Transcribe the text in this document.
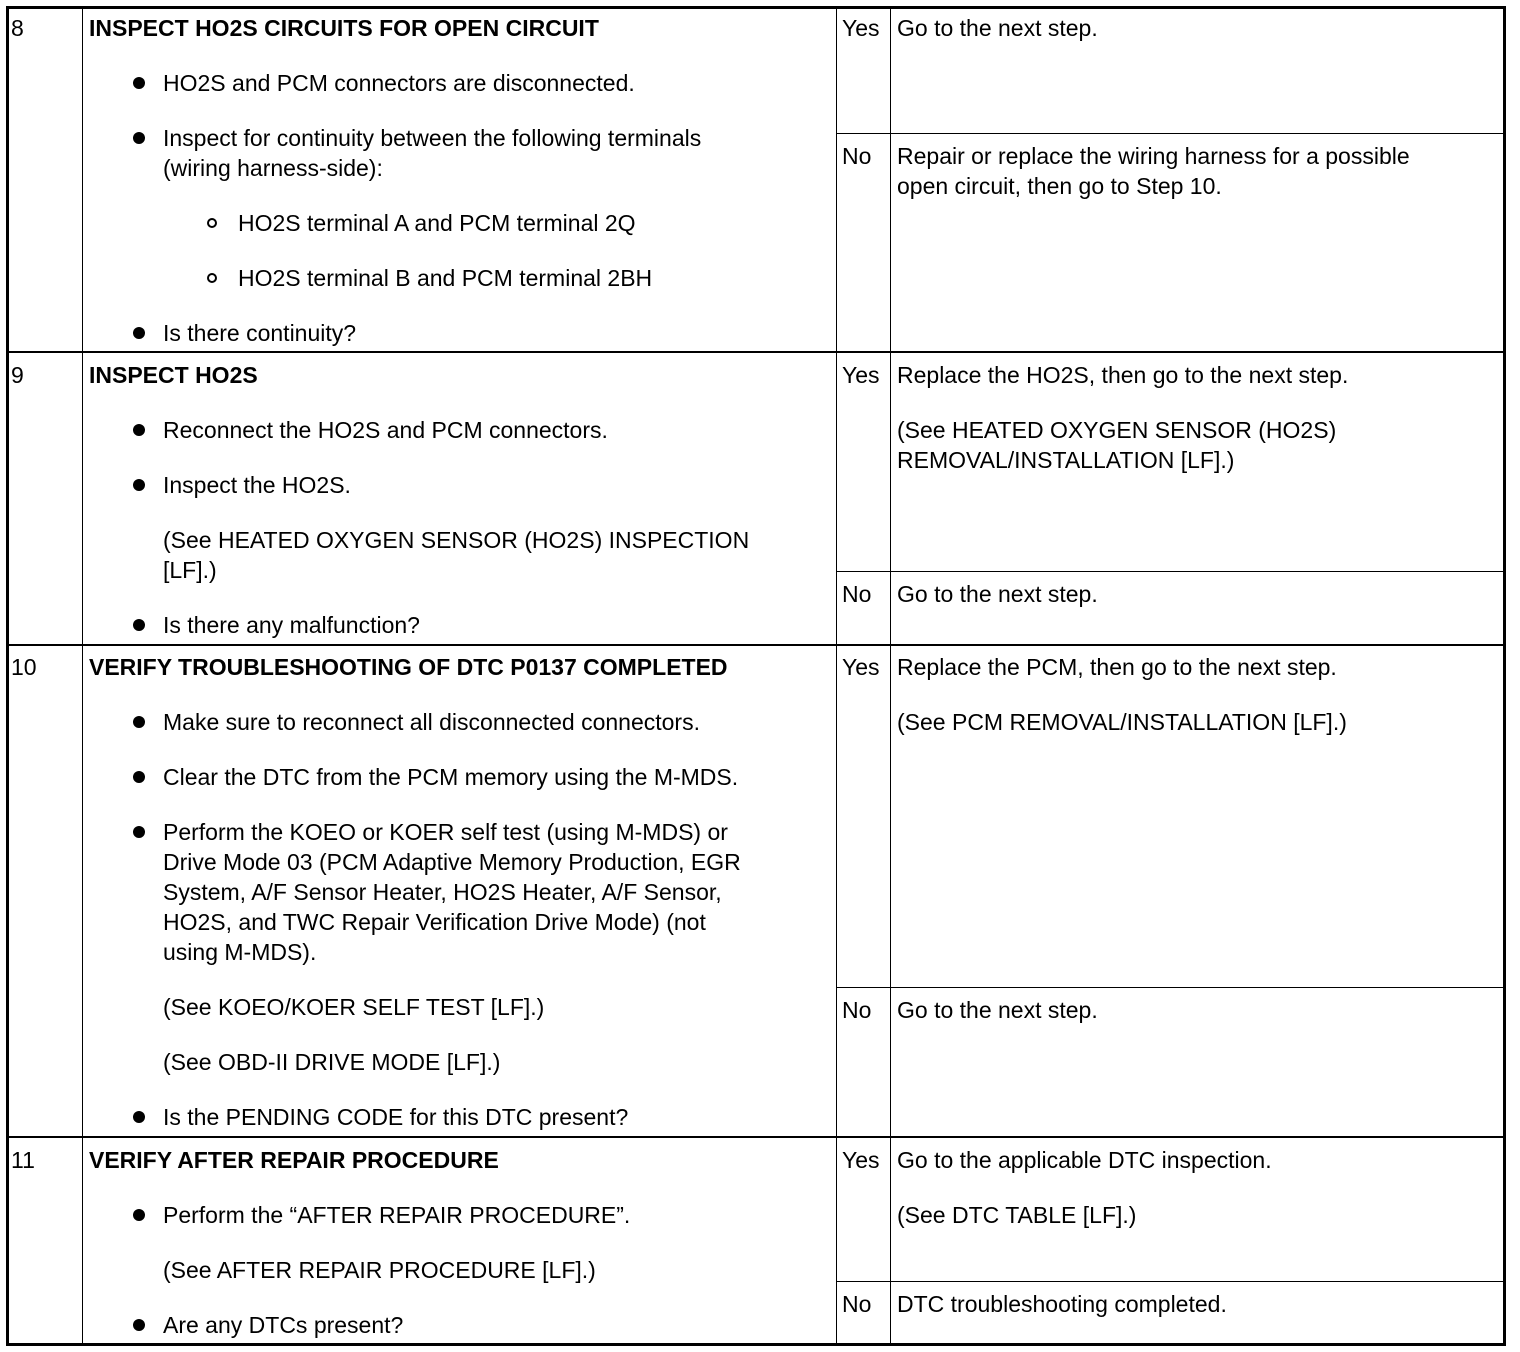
8	INSPECT HO2S CIRCUITS FOR OPEN CIRCUIT
HO2S and PCM connectors are disconnected.
Inspect for continuity between the following terminals
(wiring harness-side):
HO2S terminal A and PCM terminal 2Q
HO2S terminal B and PCM terminal 2BH
Is there continuity?
Yes Go to the next step.
No Repair or replace the wiring harness for a possible
open circuit, then go to Step 10.
9	INSPECT HO2S
Reconnect the HO2S and PCM connectors.
Inspect the HO2S.
(See HEATED OXYGEN SENSOR (HO2S) INSPECTION
[LF].)
Is there any malfunction?
Yes Replace the HO2S, then go to the next step.
(See HEATED OXYGEN SENSOR (HO2S)
REMOVAL/INSTALLATION [LF].)
No Go to the next step.
10 VERIFY TROUBLESHOOTING OF DTC P0137 COMPLETED
Make sure to reconnect all disconnected connectors.
Clear the DTC from the PCM memory using the M-MDS.
Perform the KOEO or KOER self test (using M-MDS) or
Drive Mode 03 (PCM Adaptive Memory Production, EGR
System, A/F Sensor Heater, HO2S Heater, A/F Sensor,
HO2S, and TWC Repair Verification Drive Mode) (not
using M-MDS).
(See KOEO/KOER SELF TEST [LF].)
(See OBD-II DRIVE MODE [LF].)
Is the PENDING CODE for this DTC present?
Yes Replace the PCM, then go to the next step.
(See PCM REMOVAL/INSTALLATION [LF].)
No Go to the next step.
11 VERIFY AFTER REPAIR PROCEDURE
Perform the “AFTER REPAIR PROCEDURE”.
(See AFTER REPAIR PROCEDURE [LF].)
Are any DTCs present?
Yes Go to the applicable DTC inspection.
(See DTC TABLE [LF].)
No DTC troubleshooting completed.
